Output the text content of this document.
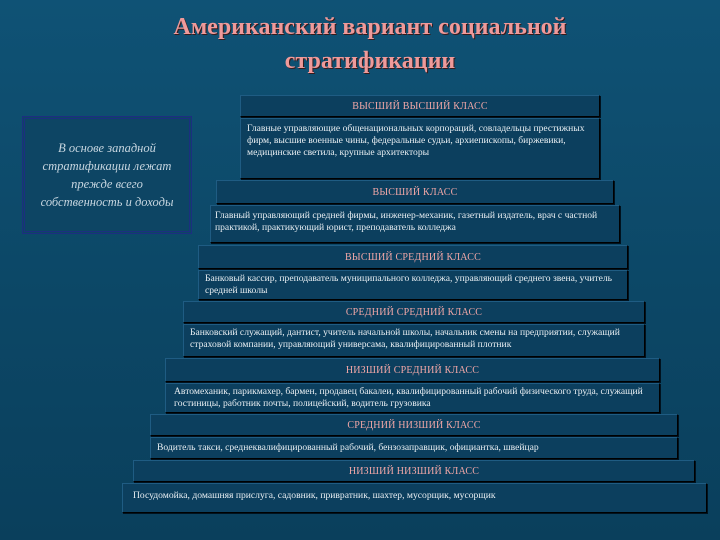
Американский вариант социальной
стратификации
В основе западной стратификации лежат прежде всего собственность и доходы
ВЫСШИЙ ВЫСШИЙ КЛАСС
Главные управляющие общенациональных корпораций, совладельцы престижных фирм, высшие военные чины, федеральные судьи, архиепископы, биржевики, медицинские светила, крупные архитекторы
ВЫСШИЙ КЛАСС
Главный управляющий средней фирмы, инженер-механик, газетный издатель, врач с частной практикой, практикующий юрист, преподаватель колледжа
ВЫСШИЙ СРЕДНИЙ КЛАСС
Банковый кассир, преподаватель муниципального колледжа, управляющий среднего звена, учитель средней школы
СРЕДНИЙ СРЕДНИЙ КЛАСС
Банковский служащий, дантист, учитель начальной школы, начальник смены на предприятии, служащий страховой компании, управляющий универсама, квалифицированный плотник
НИЗШИЙ СРЕДНИЙ КЛАСС
Автомеханик, парикмахер, бармен, продавец бакалеи, квалифицированный рабочий физического труда, служащий гостиницы, работник почты, полицейский, водитель грузовика
СРЕДНИЙ НИЗШИЙ КЛАСС
Водитель такси, среднеквалифицированный рабочий, бензозаправщик, официантка, швейцар
НИЗШИЙ НИЗШИЙ КЛАСС
Посудомойка, домашняя прислуга, садовник, привратник, шахтер, мусорщик, мусорщик
